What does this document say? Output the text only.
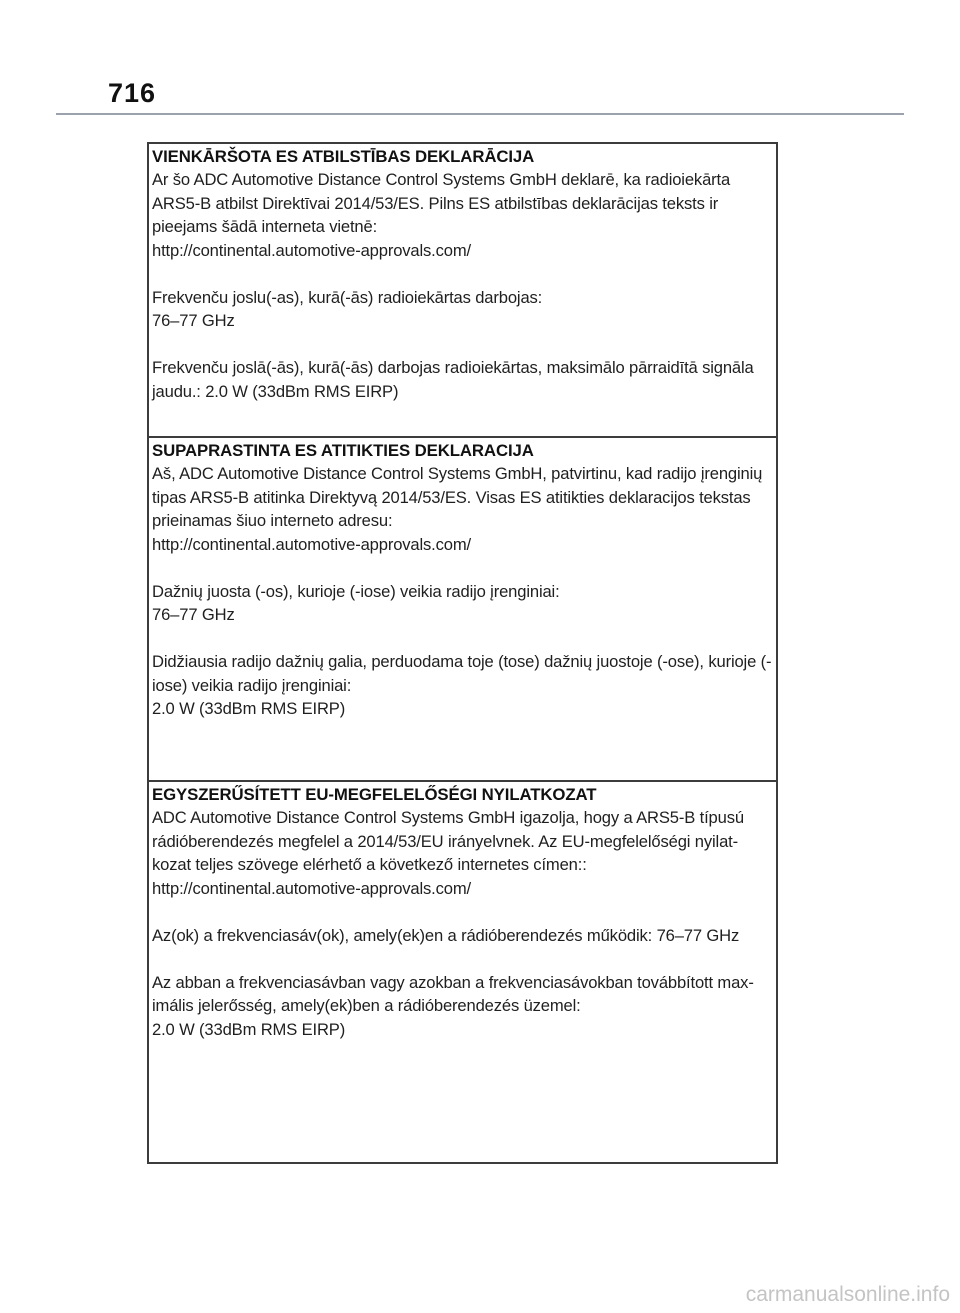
716
VIENKĀRŠOTA ES ATBILSTĪBAS DEKLARĀCIJA

Ar šo ADC Automotive Distance Control Systems GmbH deklarē, ka radioiekārta ARS5-B atbilst Direktīvai 2014/53/ES. Pilns ES atbilstības deklarācijas teksts ir pieejams šādā interneta vietnē:

http://continental.automotive-approvals.com/

Frekvenču joslu(-as), kurā(-ās) radioiekārtas darbojas:

76–77 GHz

Frekvenču joslā(-ās), kurā(-ās) darbojas radioiekārtas, maksimālo pārraidītā signāla jaudu.: 2.0 W (33dBm RMS EIRP)

SUPAPRASTINTA ES ATITIKTIES DEKLARACIJA

Aš, ADC Automotive Distance Control Systems GmbH, patvirtinu, kad radijo įrenginių tipas ARS5-B atitinka Direktyvą 2014/53/ES. Visas ES atitikties deklaracijos tekstas prieinamas šiuo interneto adresu:

http://continental.automotive-approvals.com/

Dažnių juosta (-os), kurioje (-iose) veikia radijo įrenginiai:

76–77 GHz

Didžiausia radijo dažnių galia, perduodama toje (tose) dažnių juostoje (-ose), kurioje (-iose) veikia radijo įrenginiai:

2.0 W (33dBm RMS EIRP)

EGYSZERŰSÍTETT EU-MEGFELELŐSÉGI NYILATKOZAT

ADC Automotive Distance Control Systems GmbH igazolja, hogy a ARS5-B típusú rádióberendezés megfelel a 2014/53/EU irányelvnek. Az EU-megfelelőségi nyilat-kozat teljes szövege elérhető a következő internetes címen::

http://continental.automotive-approvals.com/

Az(ok) a frekvenciasáv(ok), amely(ek)en a rádióberendezés működik: 76–77 GHz

Az abban a frekvenciasávban vagy azokban a frekvenciasávokban továbbított max-imális jelerősség, amely(ek)ben a rádióberendezés üzemel:

2.0 W (33dBm RMS EIRP)

carmanualsonline.info
